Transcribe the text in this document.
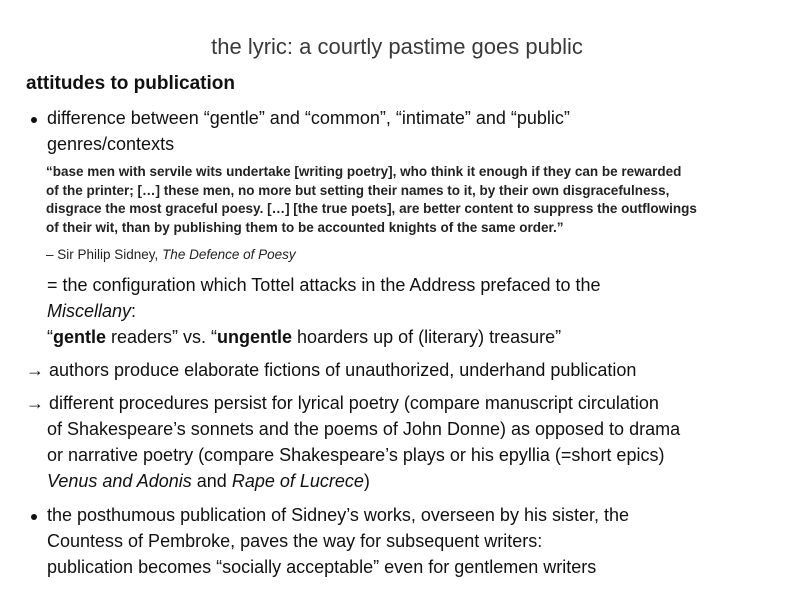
the lyric: a courtly pastime goes public
attitudes to publication
difference between “gentle” and “common”, “intimate” and “public”
genres/contexts
“base men with servile wits undertake [writing poetry], who think it enough if they can be rewarded
of the printer; […] these men, no more but setting their names to it, by their own disgracefulness,
disgrace the most graceful poesy. […] [the true poets], are better content to suppress the outflowings
of their wit, than by publishing them to be accounted knights of the same order.”
– Sir Philip Sidney, The Defence of Poesy
= the configuration which Tottel attacks in the Address prefaced to the
Miscellany:
“gentle readers” vs. “ungentle hoarders up of (literary) treasure”
→ authors produce elaborate fictions of unauthorized, underhand publication
→ different procedures persist for lyrical poetry (compare manuscript circulation
of Shakespeare’s sonnets and the poems of John Donne) as opposed to drama
or narrative poetry (compare Shakespeare’s plays or his epyllia (=short epics)
Venus and Adonis and Rape of Lucrece)
the posthumous publication of Sidney’s works, overseen by his sister, the
Countess of Pembroke, paves the way for subsequent writers:
publication becomes “socially acceptable” even for gentlemen writers
